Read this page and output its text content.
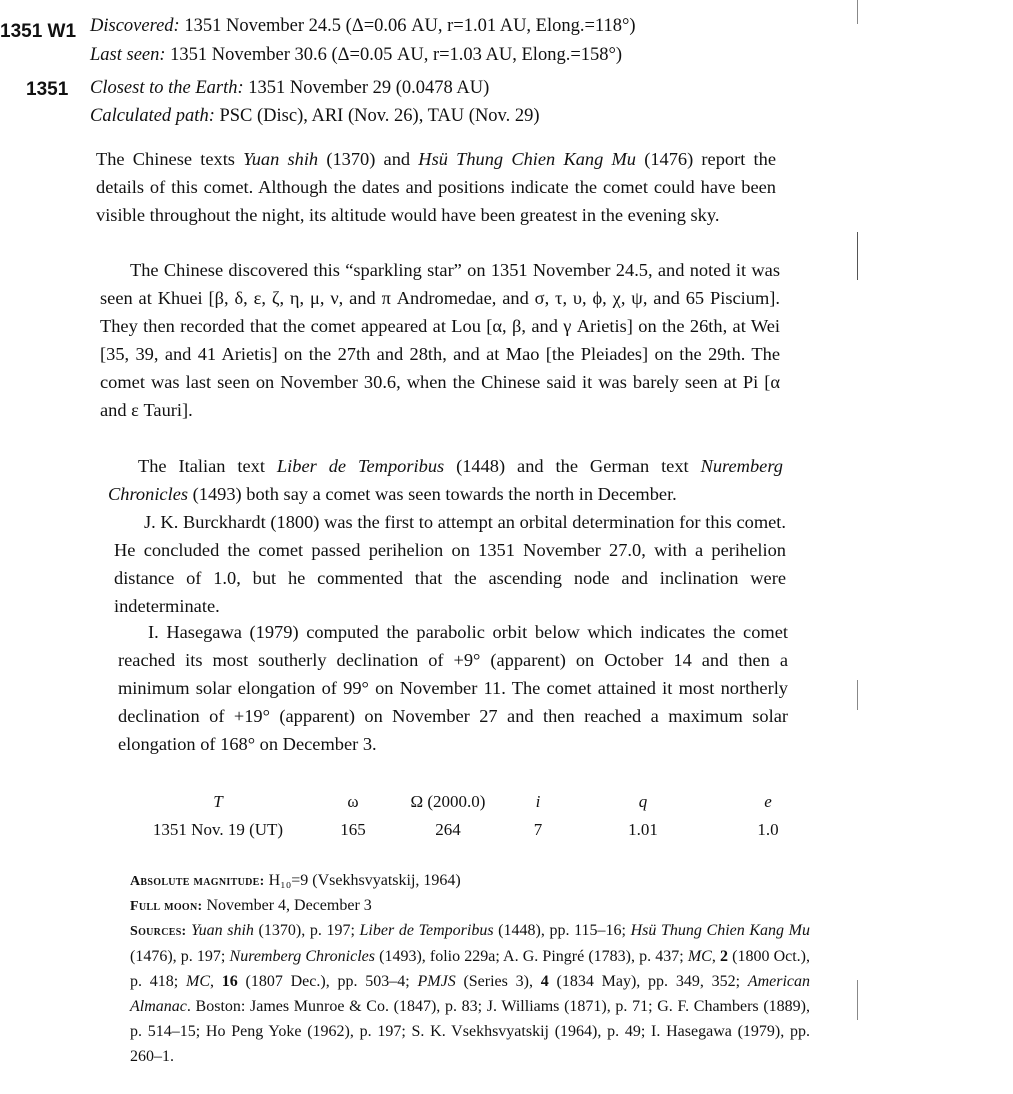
1351 W1
1351
Discovered: 1351 November 24.5 (Δ=0.06 AU, r=1.01 AU, Elong.=118°)
Last seen: 1351 November 30.6 (Δ=0.05 AU, r=1.03 AU, Elong.=158°)
Closest to the Earth: 1351 November 29 (0.0478 AU)
Calculated path: PSC (Disc), ARI (Nov. 26), TAU (Nov. 29)

The Chinese texts Yuan shih (1370) and Hsü Thung Chien Kang Mu (1476) report the details of this comet. Although the dates and positions indicate the comet could have been visible throughout the night, its altitude would have been greatest in the evening sky.

The Chinese discovered this “sparkling star” on 1351 November 24.5, and noted it was seen at Khuei [β, δ, ε, ζ, η, μ, ν, and π Andromedae, and σ, τ, υ, ϕ, χ, ψ, and 65 Piscium]. They then recorded that the comet appeared at Lou [α, β, and γ Arietis] on the 26th, at Wei [35, 39, and 41 Arietis] on the 27th and 28th, and at Mao [the Pleiades] on the 29th. The comet was last seen on November 30.6, when the Chinese said it was barely seen at Pi [α and ε Tauri].

The Italian text Liber de Temporibus (1448) and the German text Nuremberg Chronicles (1493) both say a comet was seen towards the north in December.

J. K. Burckhardt (1800) was the first to attempt an orbital determination for this comet. He concluded the comet passed perihelion on 1351 November 27.0, with a perihelion distance of 1.0, but he commented that the ascending node and inclination were indeterminate.

I. Hasegawa (1979) computed the parabolic orbit below which indicates the comet reached its most southerly declination of +9° (apparent) on October 14 and then a minimum solar elongation of 99° on November 11. The comet attained it most northerly declination of +19° (apparent) on November 27 and then reached a maximum solar elongation of 168° on December 3.

T	ω	Ω (2000.0)	i	q	e
1351 Nov. 19 (UT)	165	264	7	1.01	1.0
Absolute magnitude: H₁₀=9 (Vsekhsvyatskij, 1964)
Full moon: November 4, December 3

Sources: Yuan shih (1370), p. 197; Liber de Temporibus (1448), pp. 115–16; Hsü Thung Chien Kang Mu (1476), p. 197; Nuremberg Chronicles (1493), folio 229a; A. G. Pingré (1783), p. 437; MC, 2 (1800 Oct.), p. 418; MC, 16 (1807 Dec.), pp. 503–4; PMJS (Series 3), 4 (1834 May), pp. 349, 352; American Almanac. Boston: James Munroe & Co. (1847), p. 83; J. Williams (1871), p. 71; G. F. Chambers (1889), p. 514–15; Ho Peng Yoke (1962), p. 197; S. K. Vsekhsvyatskij (1964), p. 49; I. Hasegawa (1979), pp. 260–1.
